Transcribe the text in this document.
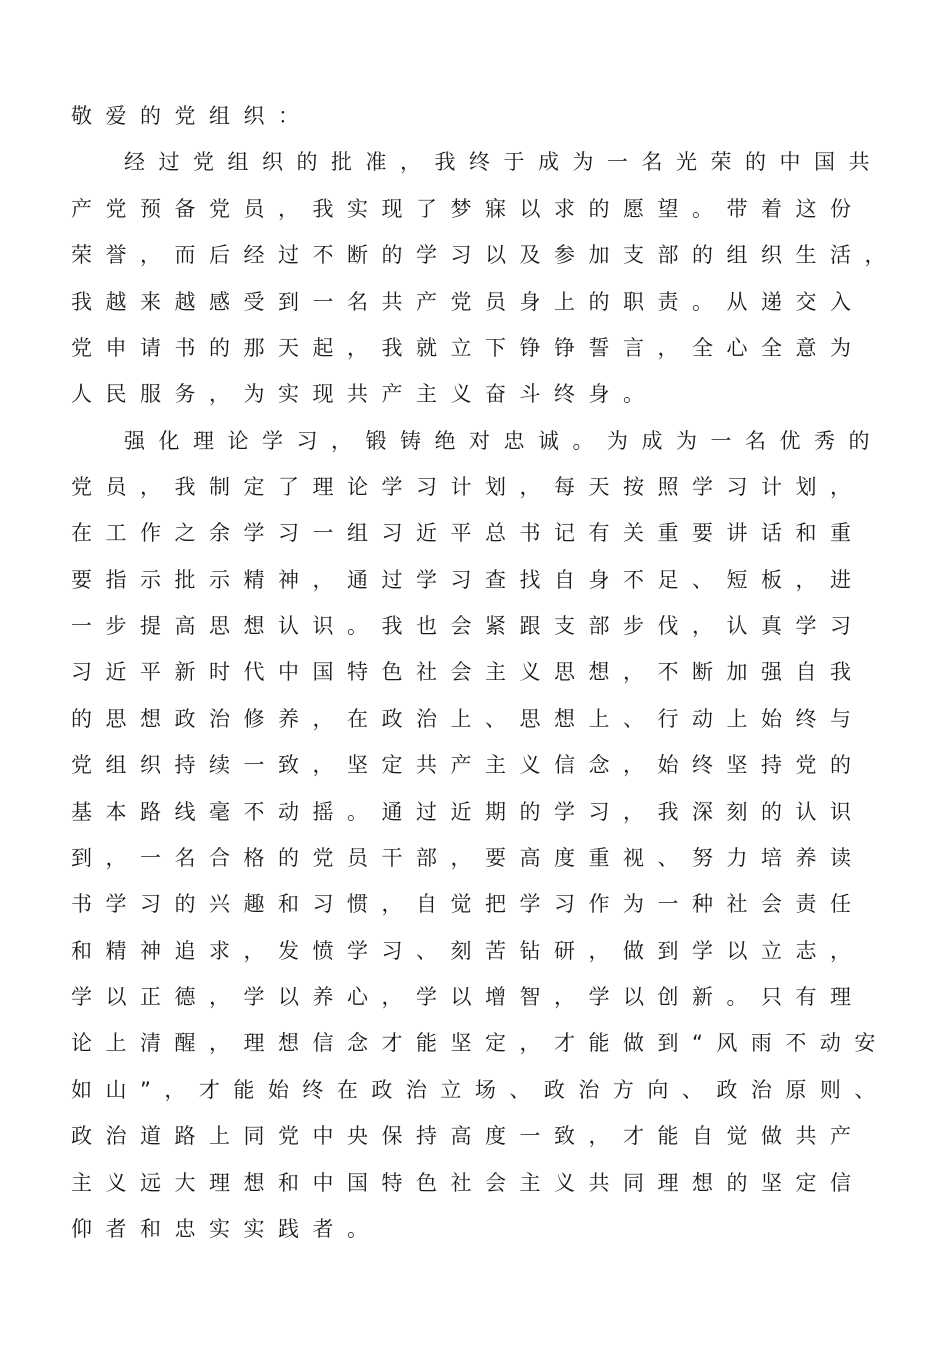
敬爱的党组织：
经过党组织的批准，我终于成为一名光荣的中国共
产党预备党员，我实现了梦寐以求的愿望。带着这份
荣誉，而后经过不断的学习以及参加支部的组织生活，
我越来越感受到一名共产党员身上的职责。从递交入
党申请书的那天起，我就立下铮铮誓言，全心全意为
人民服务，为实现共产主义奋斗终身。
强化理论学习，锻铸绝对忠诚。为成为一名优秀的
党员，我制定了理论学习计划，每天按照学习计划，
在工作之余学习一组习近平总书记有关重要讲话和重
要指示批示精神，通过学习查找自身不足、短板，进
一步提高思想认识。我也会紧跟支部步伐，认真学习
习近平新时代中国特色社会主义思想，不断加强自我
的思想政治修养，在政治上、思想上、行动上始终与
党组织持续一致，坚定共产主义信念，始终坚持党的
基本路线毫不动摇。通过近期的学习，我深刻的认识
到，一名合格的党员干部，要高度重视、努力培养读
书学习的兴趣和习惯，自觉把学习作为一种社会责任
和精神追求，发愤学习、刻苦钻研，做到学以立志，
学以正德，学以养心，学以增智，学以创新。只有理
论上清醒，理想信念才能坚定，才能做到“风雨不动安
如山”，才能始终在政治立场、政治方向、政治原则、
政治道路上同党中央保持高度一致，才能自觉做共产
主义远大理想和中国特色社会主义共同理想的坚定信
仰者和忠实实践者。
